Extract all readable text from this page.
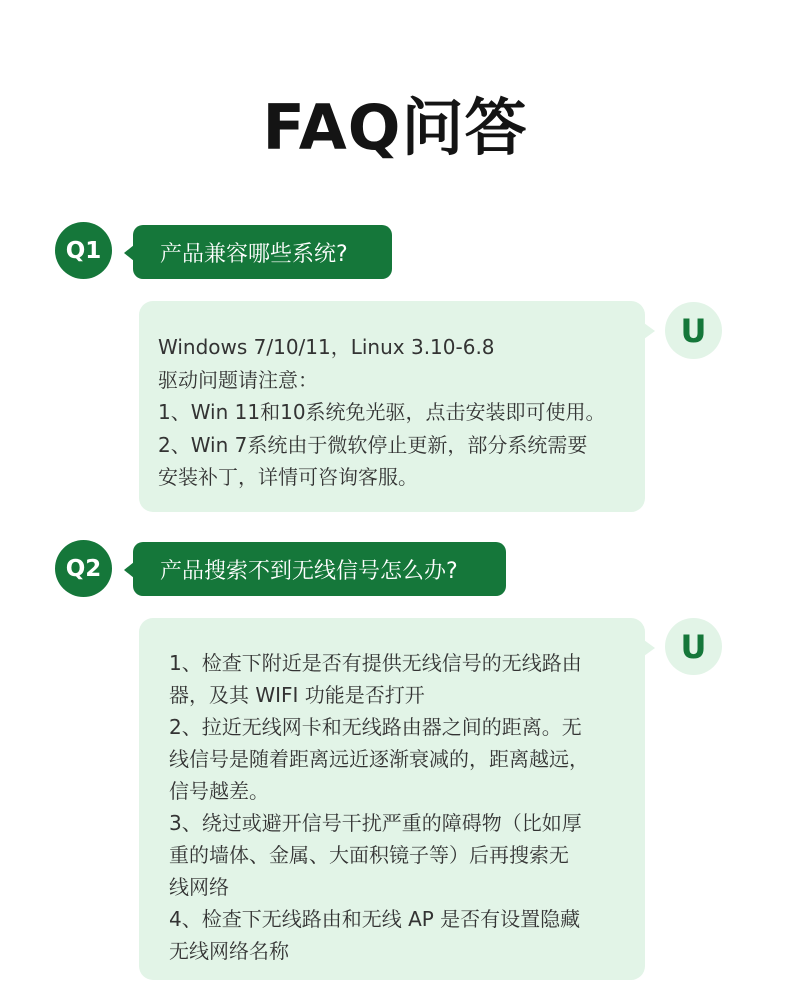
FAQ问答
Q1	产品兼容哪些系统?
Windows 7/10/11，Linux 3.10-6.8
驱动问题请注意：
1、Win 11和10系统免光驱，点击安装即可使用。
2、Win 7系统由于微软停止更新，部分系统需要
安装补丁，详情可咨询客服。
U
Q2	产品搜索不到无线信号怎么办?
1、检查下附近是否有提供无线信号的无线路由
器，及其 WIFI 功能是否打开
2、拉近无线网卡和无线路由器之间的距离。无
线信号是随着距离远近逐渐衰减的，距离越远，
信号越差。
3、绕过或避开信号干扰严重的障碍物（比如厚
重的墙体、金属、大面积镜子等）后再搜索无
线网络
4、检查下无线路由和无线 AP 是否有设置隐藏
无线网络名称
U
